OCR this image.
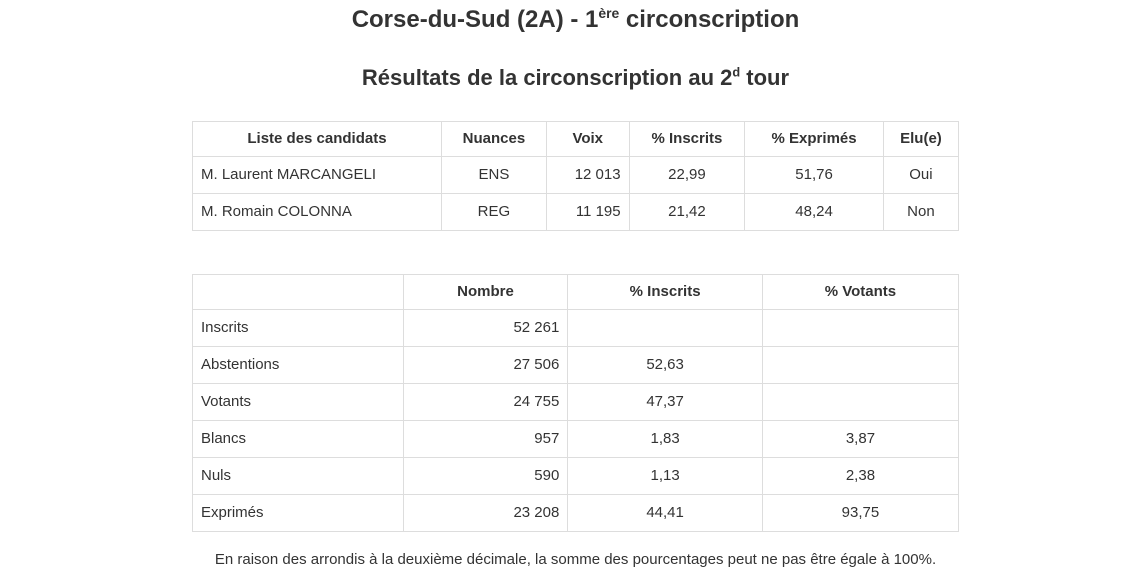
Corse-du-Sud (2A) - 1ère circonscription
Résultats de la circonscription au 2$^d$ tour
Liste des candidats	Nuances	Voix	% Inscrits	% Exprimés	Elu(e)
M. Laurent MARCANGELI	ENS	12 013	22,99	51,76	Oui
M. Romain COLONNA	REG	11 195	21,42	48,24	Non
	Nombre	% Inscrits	% Votants
Inscrits	52 261		
Abstentions	27 506	52,63	
Votants	24 755	47,37	
Blancs	957	1,83	3,87
Nuls	590	1,13	2,38
Exprimés	23 208	44,41	93,75

En raison des arrondis à la deuxième décimale, la somme des pourcentages peut ne pas être égale à 100%.
